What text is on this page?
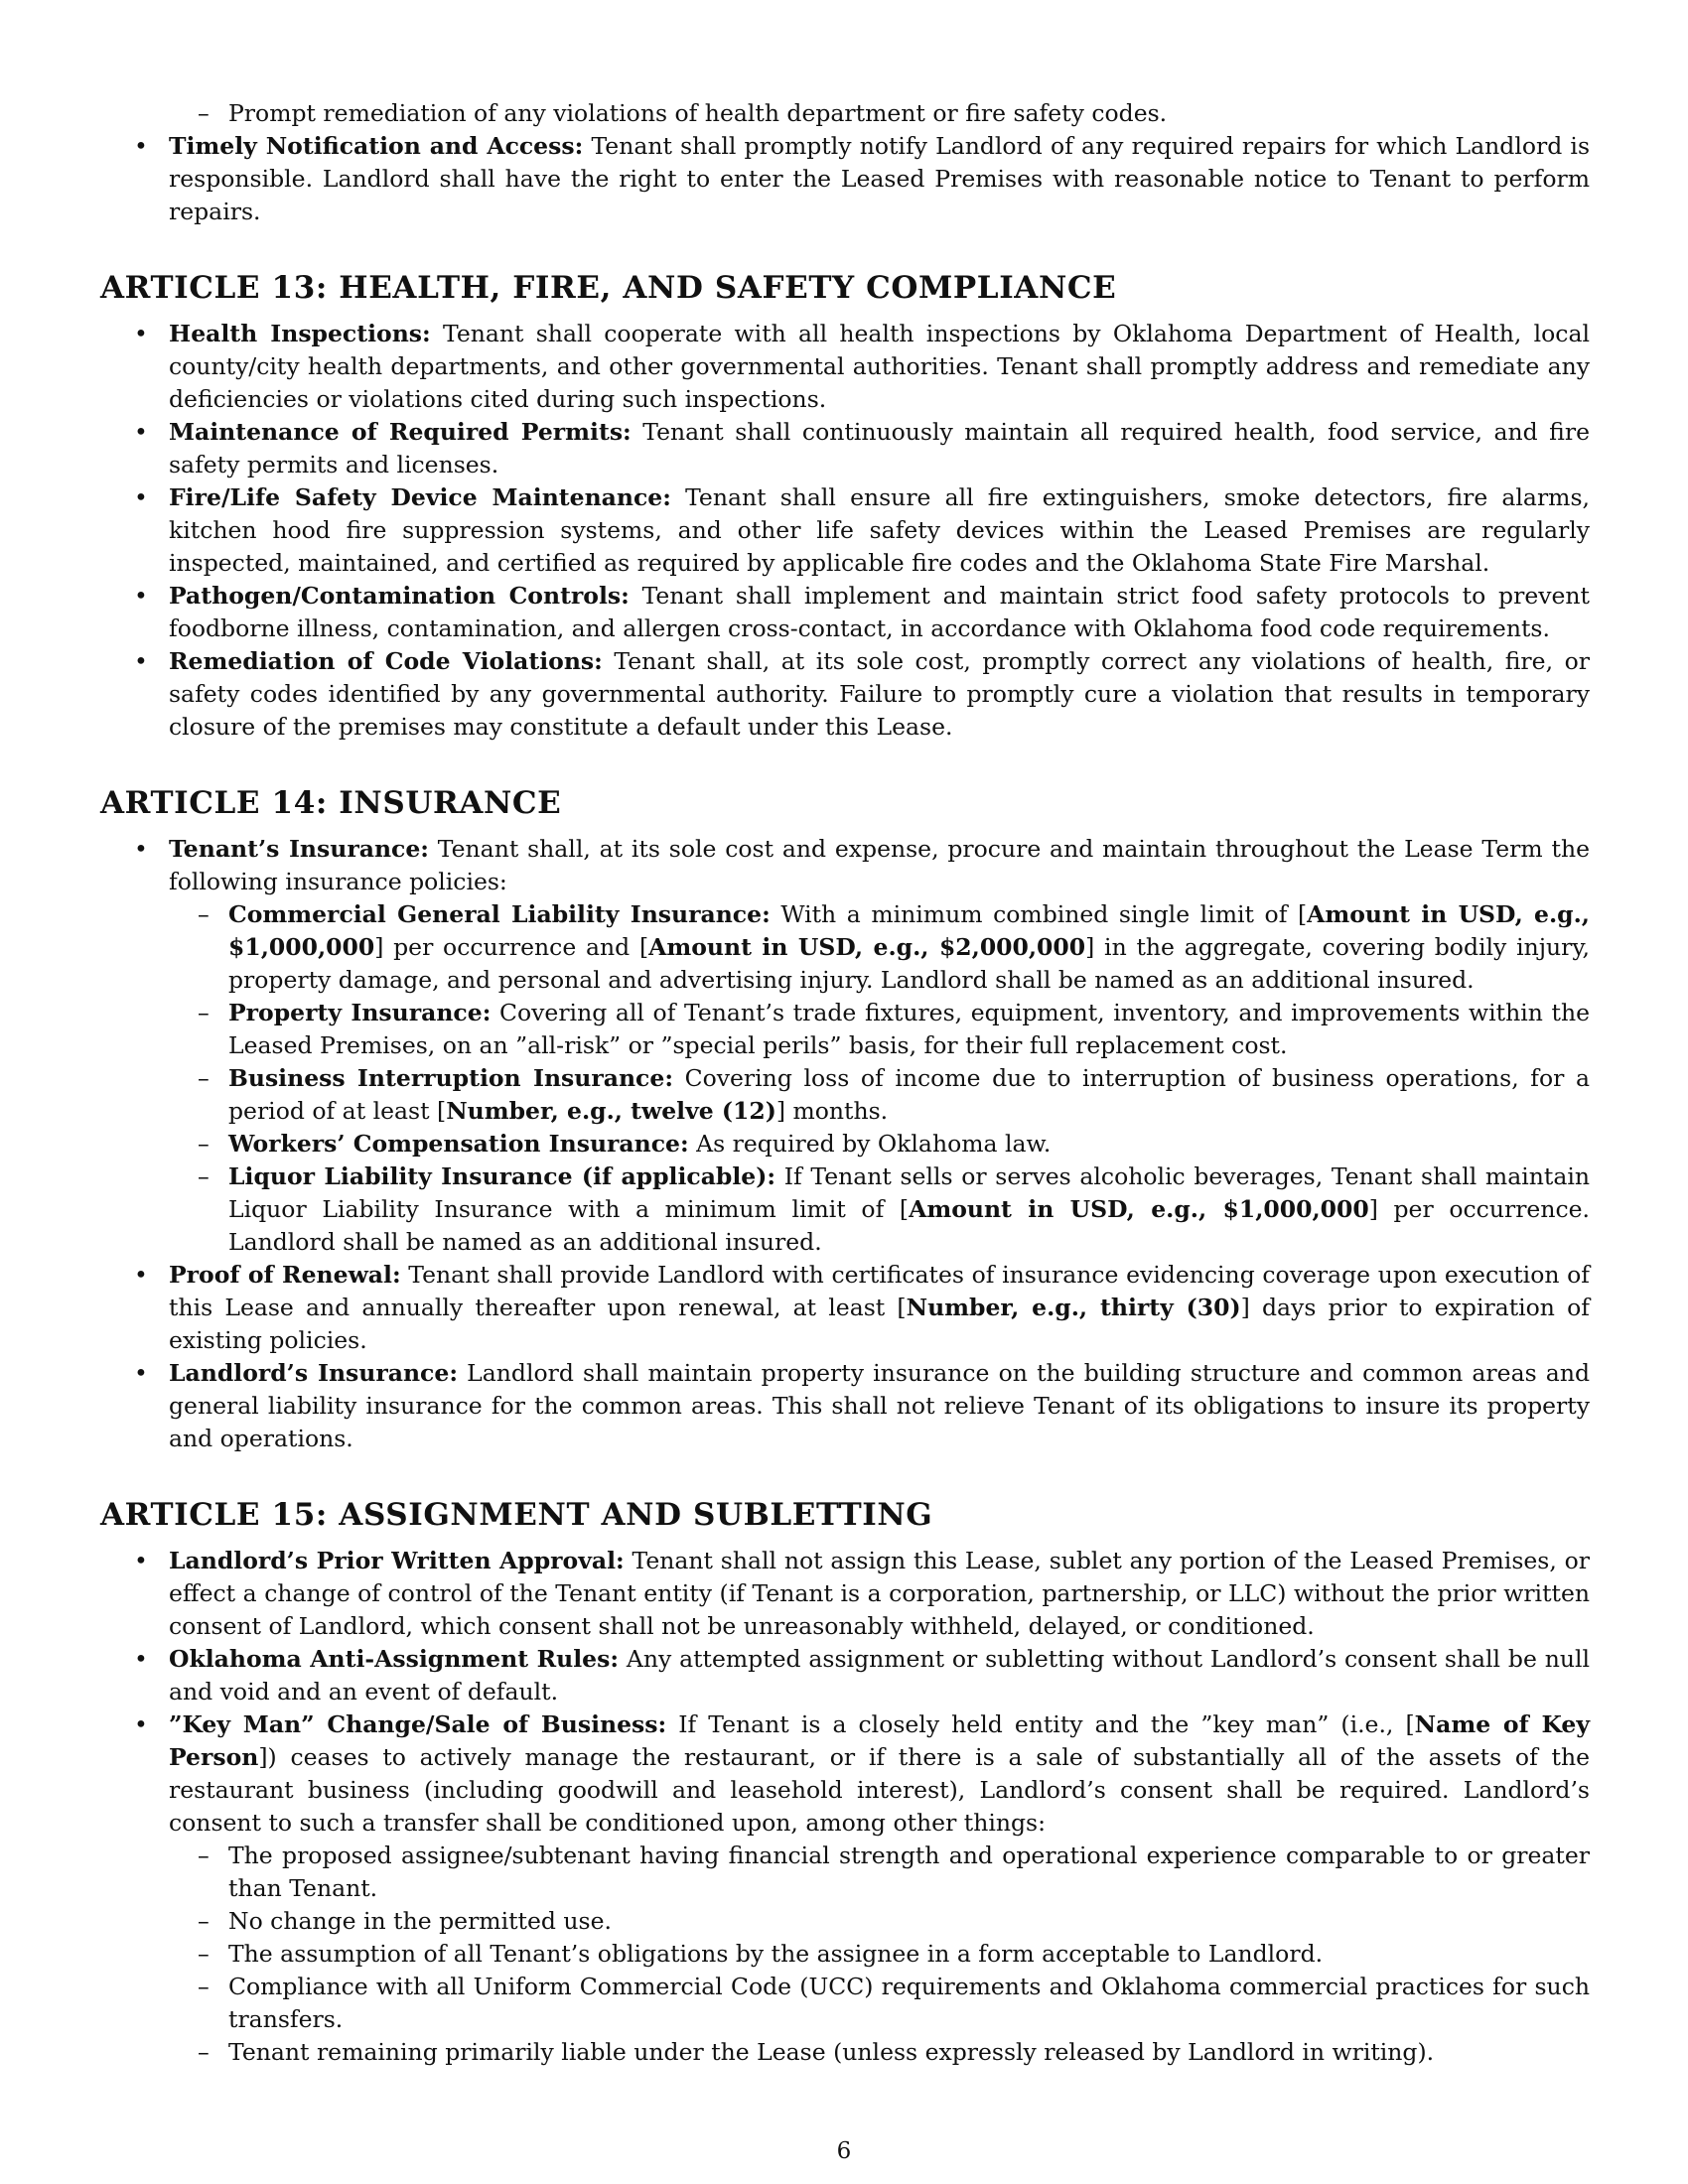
– Prompt remediation of any violations of health department or fire safety codes.
• Timely Notification and Access: Tenant shall promptly notify Landlord of any required repairs for which Landlord is responsible. Landlord shall have the right to enter the Leased Premises with reasonable notice to Tenant to perform repairs.
ARTICLE 13: HEALTH, FIRE, AND SAFETY COMPLIANCE
• Health Inspections: Tenant shall cooperate with all health inspections by Oklahoma Department of Health, local county/city health departments, and other governmental authorities. Tenant shall promptly address and remediate any deficiencies or violations cited during such inspections.
• Maintenance of Required Permits: Tenant shall continuously maintain all required health, food service, and fire safety permits and licenses.
• Fire/Life Safety Device Maintenance: Tenant shall ensure all fire extinguishers, smoke detectors, fire alarms, kitchen hood fire suppression systems, and other life safety devices within the Leased Premises are regularly inspected, maintained, and certified as required by applicable fire codes and the Oklahoma State Fire Marshal.
• Pathogen/Contamination Controls: Tenant shall implement and maintain strict food safety protocols to prevent foodborne illness, contamination, and allergen cross-contact, in accordance with Oklahoma food code requirements.
• Remediation of Code Violations: Tenant shall, at its sole cost, promptly correct any violations of health, fire, or safety codes identified by any governmental authority. Failure to promptly cure a violation that results in temporary closure of the premises may constitute a default under this Lease.
ARTICLE 14: INSURANCE
• Tenant’s Insurance: Tenant shall, at its sole cost and expense, procure and maintain throughout the Lease Term the following insurance policies:
– Commercial General Liability Insurance: With a minimum combined single limit of [Amount in USD, e.g., $1,000,000] per occurrence and [Amount in USD, e.g., $2,000,000] in the aggregate, covering bodily injury, property damage, and personal and advertising injury. Landlord shall be named as an additional insured.
– Property Insurance: Covering all of Tenant’s trade fixtures, equipment, inventory, and improvements within the Leased Premises, on an ”all-risk” or ”special perils” basis, for their full replacement cost.
– Business Interruption Insurance: Covering loss of income due to interruption of business operations, for a period of at least [Number, e.g., twelve (12)] months.
– Workers’ Compensation Insurance: As required by Oklahoma law.
– Liquor Liability Insurance (if applicable): If Tenant sells or serves alcoholic beverages, Tenant shall maintain Liquor Liability Insurance with a minimum limit of [Amount in USD, e.g., $1,000,000] per occurrence. Landlord shall be named as an additional insured.
• Proof of Renewal: Tenant shall provide Landlord with certificates of insurance evidencing coverage upon execution of this Lease and annually thereafter upon renewal, at least [Number, e.g., thirty (30)] days prior to expiration of existing policies.
• Landlord’s Insurance: Landlord shall maintain property insurance on the building structure and common areas and general liability insurance for the common areas. This shall not relieve Tenant of its obligations to insure its property and operations.
ARTICLE 15: ASSIGNMENT AND SUBLETTING
• Landlord’s Prior Written Approval: Tenant shall not assign this Lease, sublet any portion of the Leased Premises, or effect a change of control of the Tenant entity (if Tenant is a corporation, partnership, or LLC) without the prior written consent of Landlord, which consent shall not be unreasonably withheld, delayed, or conditioned.
• Oklahoma Anti-Assignment Rules: Any attempted assignment or subletting without Landlord’s consent shall be null and void and an event of default.
• ”Key Man” Change/Sale of Business: If Tenant is a closely held entity and the ”key man” (i.e., [Name of Key Person]) ceases to actively manage the restaurant, or if there is a sale of substantially all of the assets of the restaurant business (including goodwill and leasehold interest), Landlord’s consent shall be required. Landlord’s consent to such a transfer shall be conditioned upon, among other things:
– The proposed assignee/subtenant having financial strength and operational experience comparable to or greater than Tenant.
– No change in the permitted use.
– The assumption of all Tenant’s obligations by the assignee in a form acceptable to Landlord.
– Compliance with all Uniform Commercial Code (UCC) requirements and Oklahoma commercial practices for such transfers.
– Tenant remaining primarily liable under the Lease (unless expressly released by Landlord in writing).
6
